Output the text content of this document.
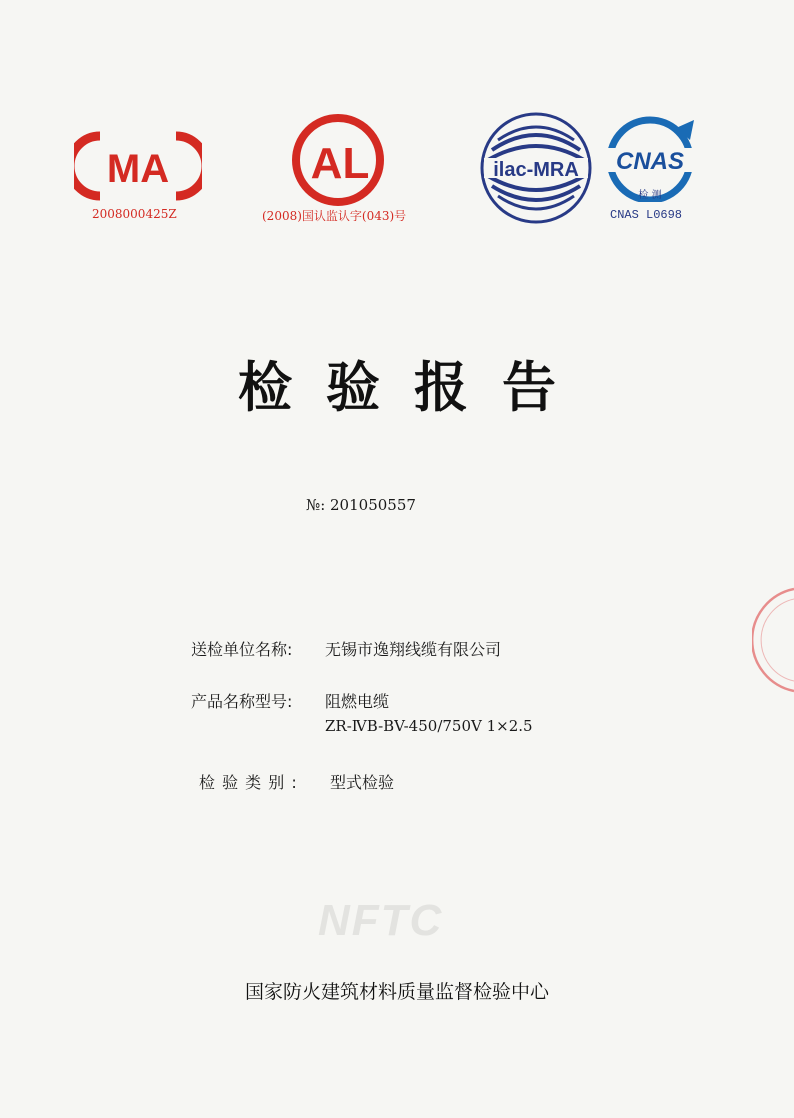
MA
2008000425Z
AL
(2008)国认监认字(043)号
ilac-MRA CNAS
检 测
CNAS L0698
检验报告
№: 201050557
送检单位名称: 无锡市逸翔线缆有限公司
产品名称型号: 阻燃电缆
ZR-ⅣB-BV-450/750V 1×2.5
检 验 类 别 : 型式检验
NFTC
国家防火建筑材料质量监督检验中心
